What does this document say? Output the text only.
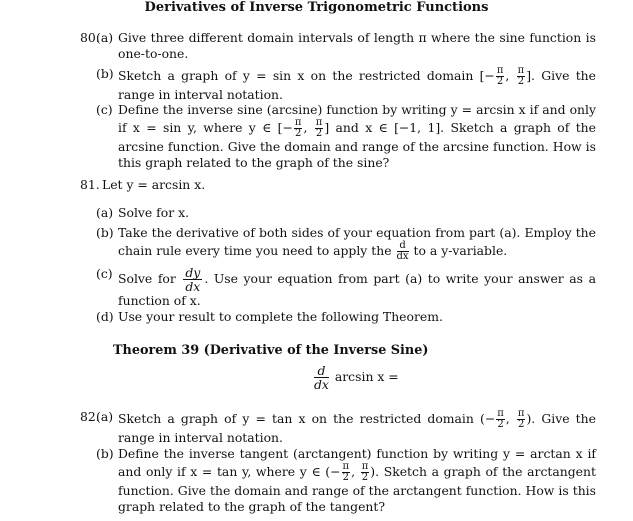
Derivatives of Inverse Trigonometric Functions
80.
(a) Give three different domain intervals of length π where the sine function is one-to-one.
(b) Sketch a graph of y = sin x on the restricted domain [− $\frac{\pi}{2}$ , $\frac{\pi}{2}$ ]. Give the range in interval notation.
(c) Define the inverse sine (arcsine) function by writing y = arcsin x if and only if x = sin y, where y ∈ [− $\frac{\pi}{2}$ , $\frac{\pi}{2}$ ] and x ∈ [−1, 1]. Sketch a graph of the arcsine function. Give the domain and range of the arcsine function. How is this graph related to the graph of the sine?
81. Let y = arcsin x.
(a) Solve for x.
(b) Take the derivative of both sides of your equation from part (a). Employ the chain rule every time you need to apply the $\frac{d}{dx}$ to a y-variable.
(c) Solve for $\frac{dy}{dx}$ . Use your equation from part (a) to write your answer as a function of x.
(d) Use your result to complete the following Theorem.
Theorem 39 (Derivative of the Inverse Sine)
$\frac{d}{dx}$ arcsin x =
82.
(a) Sketch a graph of y = tan x on the restricted domain (− $\frac{\pi}{2}$ , $\frac{\pi}{2}$ ). Give the range in interval notation.
(b) Define the inverse tangent (arctangent) function by writing y = arctan x if and only if x = tan y, where y ∈ (− $\frac{\pi}{2}$ , $\frac{\pi}{2}$ ). Sketch a graph of the arctangent function. Give the domain and range of the arctangent function. How is this graph related to the graph of the tangent?
